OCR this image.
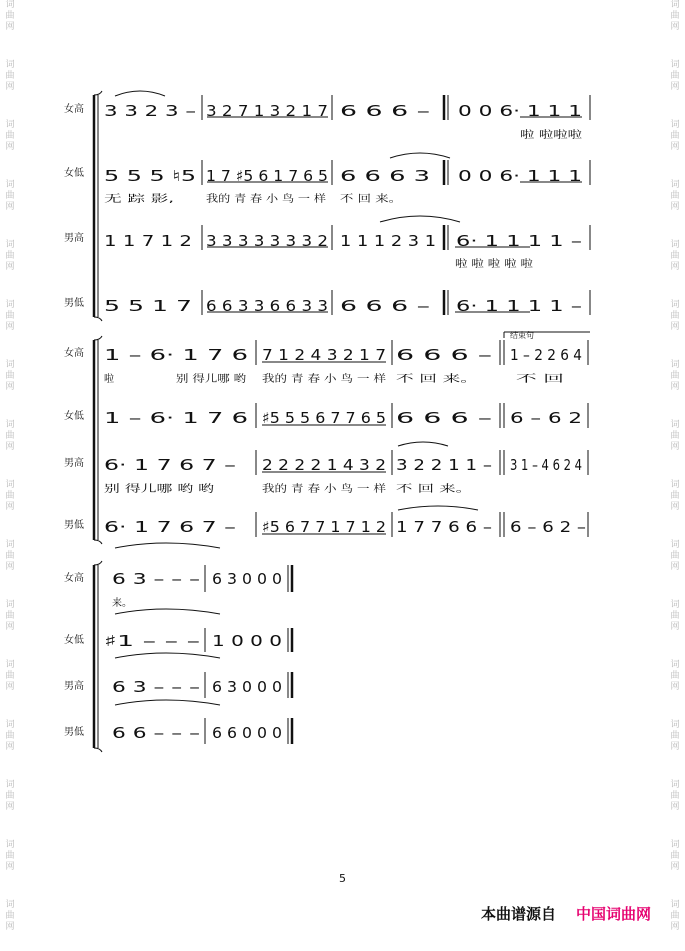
词
曲
网
词
曲
网
词
曲
网
词
曲
网
词
曲
网
词
曲
网
词
曲
网
词
曲
网
词
曲
网
词
曲
网
词
曲
网
词
曲
网
词
曲
网
词
曲
网
词
曲
网
词
曲
网
词
曲
网
词
曲
网
词
曲
网
词
曲
网
词
曲
网
词
曲
网
词
曲
网
词
曲
网
词
曲
网
词
曲
网
词
曲
网
词
曲
网
词
曲
网
词
曲
网
词
曲
网
词
曲
网
女高
女低
男高
男低
女高
女低
男高
男低
女高
女低
男高
男低
3 3 2 3 – 3 2 7 1 3 2 1 7 6 6 6 – 0 0 6· 1 1 1
5 5 5 ♮5 1 7 ♯5 6 1 7 6 5 6 6 6 3 0 0 6· 1 1 1
1 1 7 1 2 3 3 3 3 3 3 3 2 1 1 1 2 3 1 6· 1 1 1 1 –
5 5 1 7 6 6 3 3 6 6 3 3 6 6 6 – 6· 1 1 1 1 –
啦 啦啦啦
无 踪 影,	我的 青 春 小 鸟 一 样	不 回 来。
啦 啦 啦 啦 啦
1 – 6· 1 7 6 7 1 2 4 3 2 1 7 6 6 6 – 1 – 2 2 6 4
1 – 6· 1 7 6 ♯5 5 5 6 7 7 6 5 6 6 6 – 6 – 6 2
6· 1 7 6 7 – 2 2 2 2 1 4 3 2 3 2 2 1 1 – 3 1 – 4 6 2 4
6· 1 7 6 7 – ♯5 6 7 7 1 7 1 2 1 7 7 6 6 – 6 – 6 2 –
结束句
啦	别 得儿哪 哟	我的 青 春 小 鸟 一 样	不 回 来。	不 回
别 得儿哪 哟 哟	我的 青 春 小 鸟 一 样	不 回 来。
6 3 – – – 6 3 0 0 0
♯1 – – – 1 0 0 0
6 3 – – – 6 3 0 0 0
6 6 – – – 6 6 0 0 0
来。
5
本曲谱源自 中国词曲网
